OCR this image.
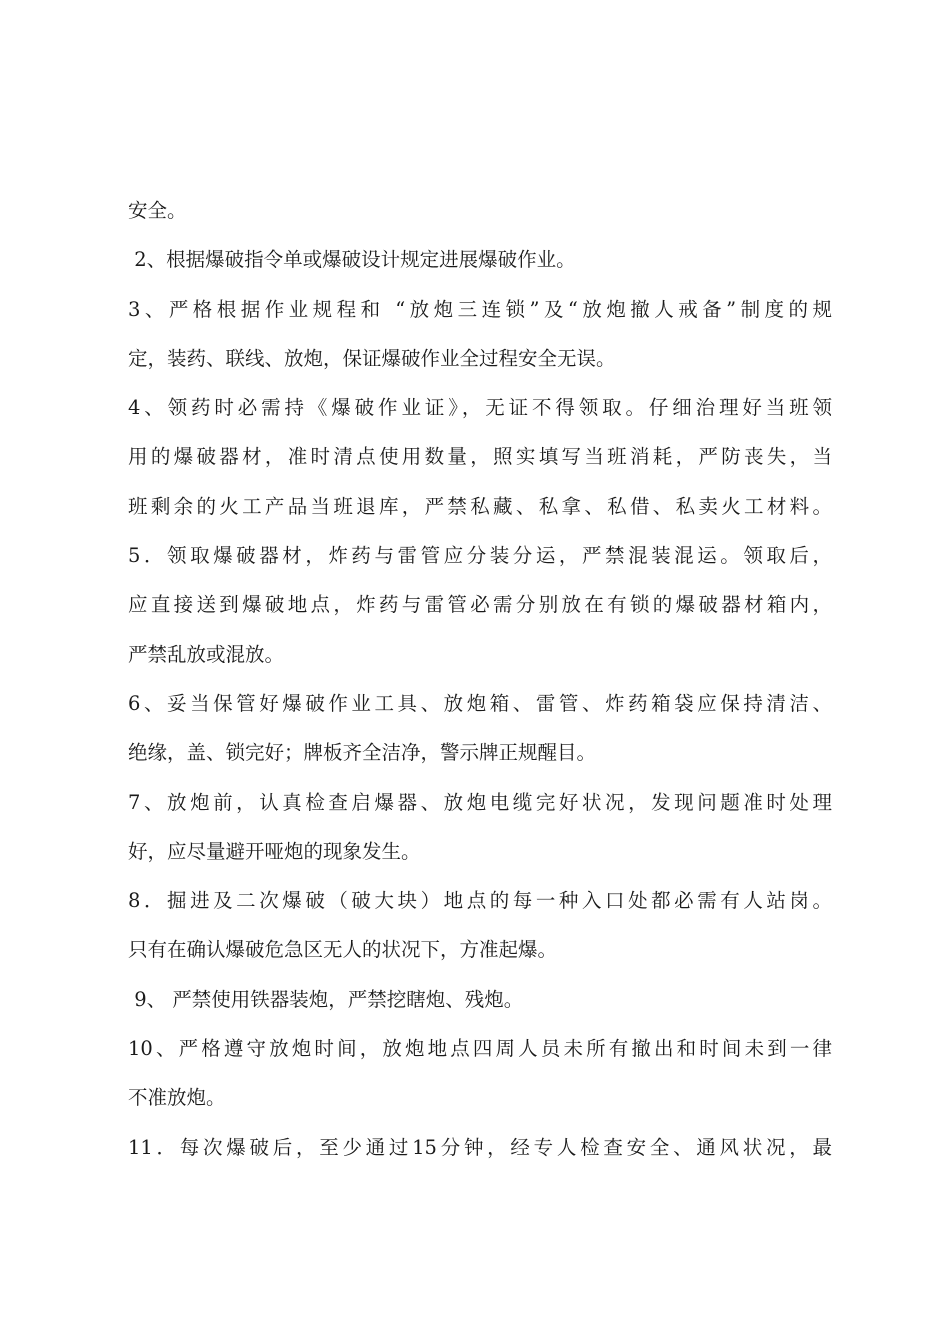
安全。
2、根据爆破指令单或爆破设计规定进展爆破作业。
3、严格根据作业规程和 “放炮三连锁”及“放炮撤人戒备”制度的规
定，装药、联线、放炮，保证爆破作业全过程安全无误。
4、领药时必需持《爆破作业证》，无证不得领取。仔细治理好当班领
用的爆破器材，准时清点使用数量，照实填写当班消耗，严防丧失，当
班剩余的火工产品当班退库，严禁私藏、私拿、私借、私卖火工材料。
5．领取爆破器材，炸药与雷管应分装分运，严禁混装混运。领取后，
应直接送到爆破地点，炸药与雷管必需分别放在有锁的爆破器材箱内，
严禁乱放或混放。
6、妥当保管好爆破作业工具、放炮箱、雷管、炸药箱袋应保持清洁、
绝缘，盖、锁完好；牌板齐全洁净，警示牌正规醒目。
7、放炮前，认真检查启爆器、放炮电缆完好状况，发现问题准时处理
好，应尽量避开哑炮的现象发生。
8．掘进及二次爆破（破大块）地点的每一种入口处都必需有人站岗。
只有在确认爆破危急区无人的状况下，方准起爆。
9、 严禁使用铁器装炮，严禁挖瞎炮、残炮。
10、严格遵守放炮时间，放炮地点四周人员未所有撤出和时间未到一律
不准放炮。
11．每次爆破后，至少通过15分钟，经专人检查安全、通风状况，最
